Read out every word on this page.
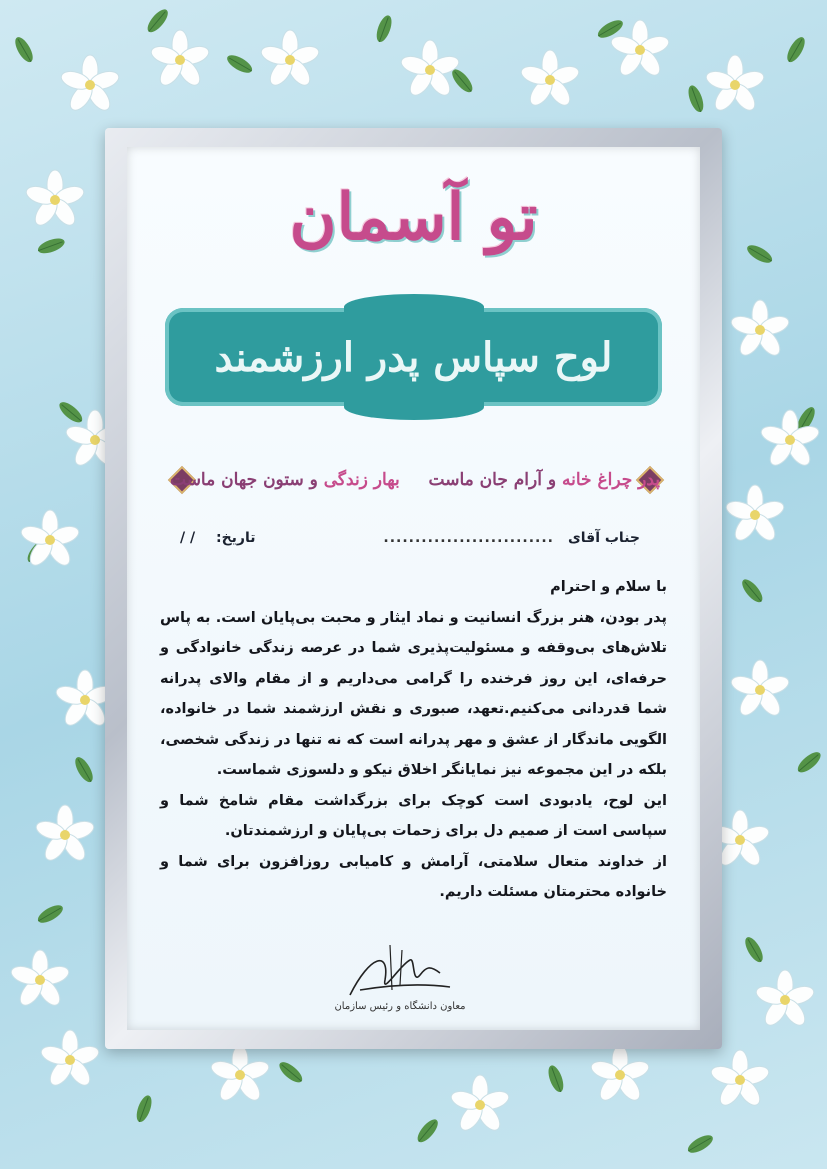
تو آسمان
لوح سپاس پدر ارزشمند
پدر چراغ خانه و آرام جان ماست
بهار زندگی و ستون جهان ماست
جناب آقای
...........................
تاریخ: / /

با سلام و احترام

پدر بودن، هنر بزرگ انسانیت و نماد ایثار و محبت بی‌پایان است. به پاس تلاش‌های بی‌وقفه و مسئولیت‌پذیری شما در عرصه زندگی خانوادگی و حرفه‌ای، این روز فرخنده را گرامی می‌داریم و از مقام والای پدرانه شما قدردانی می‌کنیم.تعهد، صبوری و نقش ارزشمند شما در خانواده، الگویی ماندگار از عشق و مهر پدرانه است که نه تنها در زندگی شخصی، بلکه در این مجموعه نیز نمایانگر اخلاق نیکو و دلسوزی شماست.

این لوح، یادبودی است کوچک برای بزرگداشت مقام شامخ شما و سپاسی است از صمیم دل برای زحمات بی‌پایان و ارزشمندتان.

از خداوند متعال سلامتی، آرامش و کامیابی روزافزون برای شما و خانواده محترمتان مسئلت داریم.

معاون دانشگاه و رئیس سازمان
